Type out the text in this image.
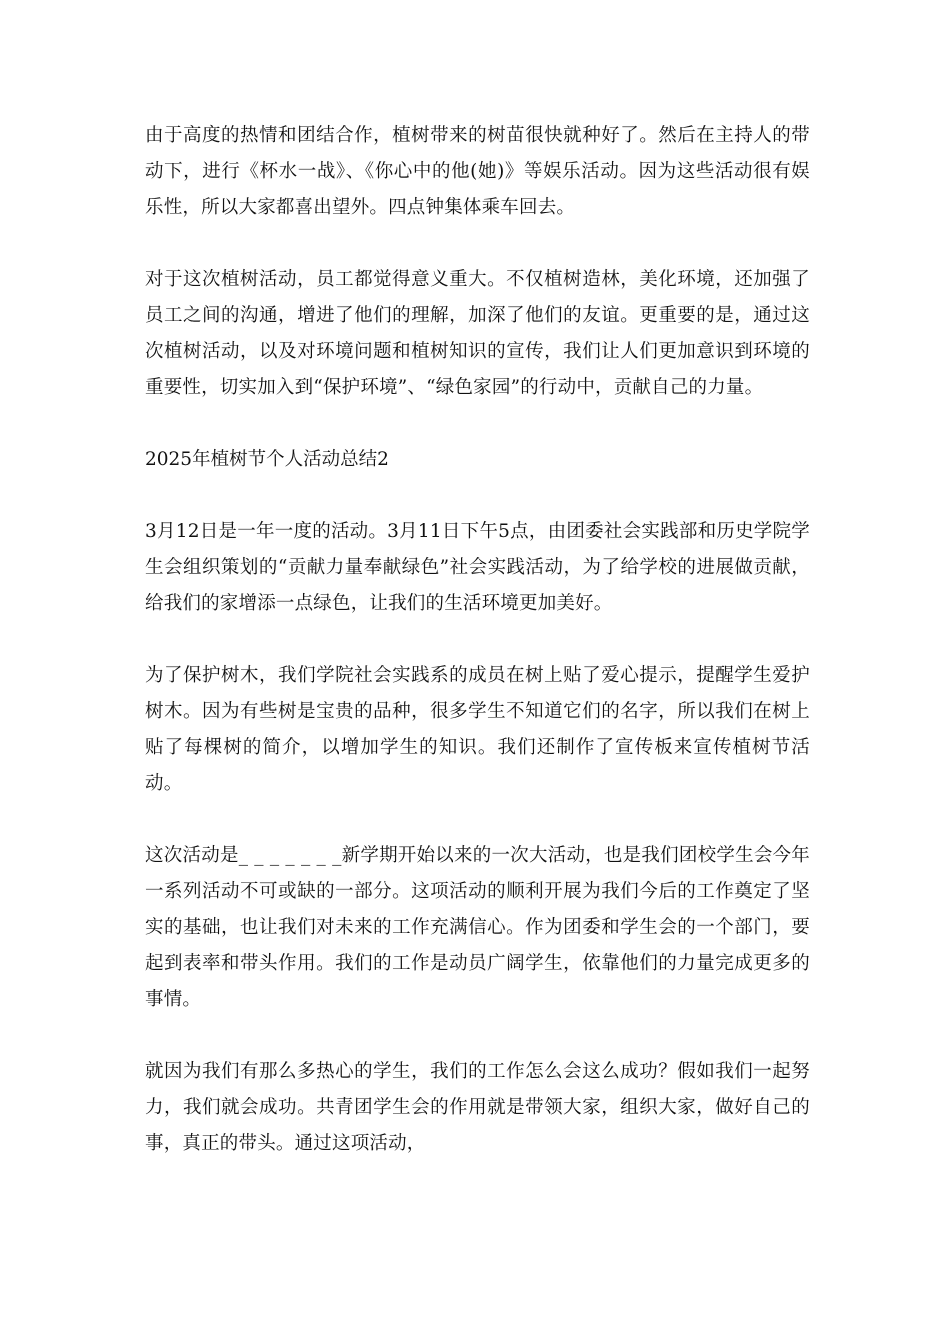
由于高度的热情和团结合作，植树带来的树苗很快就种好了。然后在主持人的带动下，进行《杯水一战》、《你心中的他(她)》等娱乐活动。因为这些活动很有娱乐性，所以大家都喜出望外。四点钟集体乘车回去。

对于这次植树活动，员工都觉得意义重大。不仅植树造林，美化环境，还加强了员工之间的沟通，增进了他们的理解，加深了他们的友谊。更重要的是，通过这次植树活动，以及对环境问题和植树知识的宣传，我们让人们更加意识到环境的重要性，切实加入到“保护环境”、“绿色家园”的行动中，贡献自己的力量。

2025年植树节个人活动总结2

3月12日是一年一度的活动。3月11日下午5点，由团委社会实践部和历史学院学生会组织策划的“贡献力量奉献绿色”社会实践活动，为了给学校的进展做贡献，给我们的家增添一点绿色，让我们的生活环境更加美好。

为了保护树木，我们学院社会实践系的成员在树上贴了爱心提示，提醒学生爱护树木。因为有些树是宝贵的品种，很多学生不知道它们的名字，所以我们在树上贴了每棵树的简介，以增加学生的知识。我们还制作了宣传板来宣传植树节活动。

这次活动是_ _ _ _ _ _ _新学期开始以来的一次大活动，也是我们团校学生会今年一系列活动不可或缺的一部分。这项活动的顺利开展为我们今后的工作奠定了坚实的基础，也让我们对未来的工作充满信心。作为团委和学生会的一个部门，要起到表率和带头作用。我们的工作是动员广阔学生，依靠他们的力量完成更多的事情。

就因为我们有那么多热心的学生，我们的工作怎么会这么成功？假如我们一起努力，我们就会成功。共青团学生会的作用就是带领大家，组织大家，做好自己的事，真正的带头。通过这项活动，
